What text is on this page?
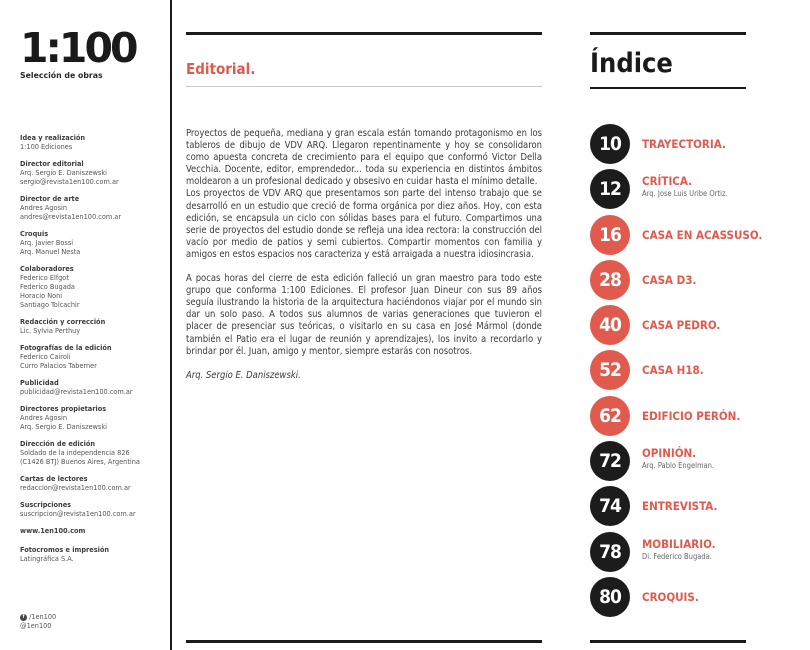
1:100
Selección de obras
Idea y realización
1:100 Ediciones
Director editorial
Arq. Sergio E. Daniszewski
sergio@revista1en100.com.ar
Director de arte
Andres Agosin
andres@revista1en100.com.ar
Croquis
Arq. Javier Bossi
Arq. Manuel Nesta
Colaboradores
Federico Elfgot
Federico Bugada
Horacio Noni
Santiago Tolcachir
Redacción y corrección
Lic. Sylvia Perthuy
Fotografías de la edición
Federico Cairoli
Curro Palacios Taberner
Publicidad
publicidad@revista1en100.com.ar
Directores propietarios
Andres Agosin
Arq. Sergio E. Daniszewski
Dirección de edición
Soldado de la independencia 826
(C1426 BTJ) Buenos Aires, Argentina
Cartas de lectores
redaccion@revista1en100.com.ar
Suscripciones
suscripcion@revista1en100.com.ar
www.1en100.com
Fotocromos e impresión
Latingráfica S.A.
f /1en100
@1en100
Editorial.

Proyectos de pequeña, mediana y gran escala están tomando protagonismo en los tableros de dibujo de VDV ARQ. Llegaron repentinamente y hoy se consolidaron como apuesta concreta de crecimiento para el equipo que conformó Victor Della Vecchia. Docente, editor, emprendedor... toda su experiencia en distintos ámbitos moldearon a un profesional dedicado y obsesivo en cuidar hasta el mínimo detalle.

Los proyectos de VDV ARQ que presentamos son parte del intenso trabajo que se desarrolló en un estudio que creció de forma orgánica por diez años. Hoy, con esta edición, se encapsula un ciclo con sólidas bases para el futuro. Compartimos una serie de proyectos del estudio donde se refleja una idea rectora: la construcción del vacío por medio de patios y semi cubiertos. Compartir momentos con familia y amigos en estos espacios nos caracteriza y está arraigada a nuestra idiosincrasia.

A pocas horas del cierre de esta edición falleció un gran maestro para todo este grupo que conforma 1:100 Ediciones. El profesor Juan Dineur con sus 89 años seguía ilustrando la historia de la arquitectura haciéndonos viajar por el mundo sin dar un solo paso. A todos sus alumnos de varias generaciones que tuvieron el placer de presenciar sus teóricas, o visitarlo en su casa en José Mármol (donde también el Patio era el lugar de reunión y aprendizajes), los invito a recordarlo y brindar por él. Juan, amigo y mentor, siempre estarás con nosotros.

Arq. Sergio E. Daniszewski.

Índice
10	TRAYECTORIA.
12	CRÍTICA.
Arq. Jose Luis Uribe Ortiz.
16	CASA EN ACASSUSO.
28	CASA D3.
40	CASA PEDRO.
52	CASA H18.
62	EDIFICIO PERÓN.
72	OPINIÓN.
Arq. Pablo Engelman.
74	ENTREVISTA.
78	MOBILIARIO.
Di. Federico Bugada.
80	CROQUIS.
